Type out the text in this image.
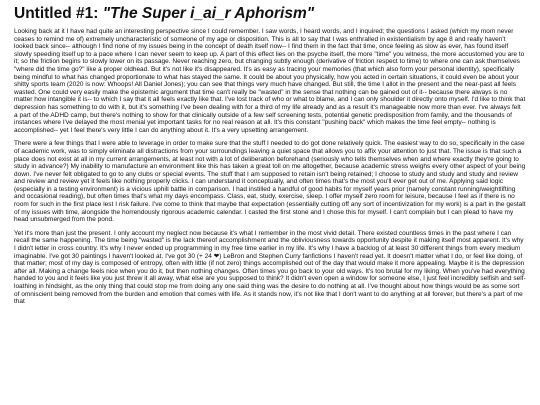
Untitled #1: "The Super i_ai_r Aphorism"

Looking back at it I have had quite an interesting perspective since I could remember. I saw words, I heard words, and I inquired; the questions I asked (which my mom never ceases to remind me of) extremely uncharacteristic of someone of my age or disposition. This is all to say that I was enthralled in existentialism by age 8 and really haven't looked back since-- although I find none of my issues being in the concept of death itself now-- I find them in the fact that time, once feeling as slow as ever, has found itself slowly speeding itself up to a pace where I can never seem to keep up. A part of this effect lies on the psyche itself, the more "time" you witness, the more accustomed you are to it; so the friction begins to slowly lower on its passage. Never reaching zero, but changing subtly enough (derivative of friction respect to time) to where one can ask themselves "where did the time go?" like a proper oldhead. But it's not like it's disappeared. It's as easy as tracing your memories (that which also form your personal identity), specifically being mindful to what has changed proportionate to what has stayed the same. It could be about you physically, how you acted in certain situations, it could even be about your shitty sports team (2020 is now: Whoops! All Daniel Jones); you can see that things very much have changed. But still, the time I allot in the present and the near-past all feels wasted. One could very easily make the epistemic argument that time can't really be "wasted" in the sense that nothing can be gained out of it-- because there always is no matter how intangible it is-- to which I say that it all feels exactly like that. I've lost track of who or what to blame, and I can only shoulder it directly onto myself. I'd like to think that depression has something to do with it, but it's something I've been dealing with for a third of my life already and as a result it's manageable now more than ever. I've always felt a part of the ADHD camp, but there's nothing to show for that clinically outside of a few self screening tests, potential genetic predisposition from family, and the thousands of instances where I've delayed the most menial yet important tasks for no real reason at all. It's this constant "pushing back" which makes the time feel empty-- nothing is accomplished-- yet I feel there's very little I can do anything about it. It's a very upsetting arrangement.

There were a few things that I were able to leverage in order to make sure that the stuff I needed to do got done relatively quick. The easiest way to do so, specifically in the case of academic work, was to simply eliminate all distractions from your surroundings leaving a quiet space that allows you to affix your attention to just that. The issue is that such a place does not exist at all in my current arrangements, at least not with a lot of deliberation beforehand (seriously who tells themselves when and where exactly they're going to study in advance?) My inability to manufacture an environment like this has taken a great toll on me altogether, because academic stress weighs every other aspect of your being down. I've never felt obligated to go to any clubs or special events. The stuff that I am supposed to retain isn't being retained; I choose to study and study and study and review and review and review yet it feels like nothing properly clicks. I can understand it conceptually, and often times that's the most you'll ever get out of me. Applying said logic (especially in a testing environment) is a vicious uphill battle in comparison. I had instilled a handful of good habits for myself years prior (namely constant running/weightlifting and occasional reading), but often times that's what my days encompass. Class, eat, study, exercise, sleep. I offer myself zero room for leisure, because I feel as if there is no room for such in the first place lest I risk failure. I've come to think that maybe that expectation (essentially cutting off any sort of incentivization for my work) is a part in the gestalt of my issues with time, alongside the horrendously rigorous academic calendar. I casted the first stone and I chose this for myself. I can't complain but I can plead to have my head unsubmerged from the pond.

Yet it's more than just the present. I only account my neglect now because it's what I remember in the most vivid detail. There existed countless times in the past where I can recall the same happening. The time being "wasted" is the lack thereof accomplishment and the obliviousness towards opportunity despite it making itself most apparent. It's why I didn't letter in cross country. It's why I never ended up programming in my free time earlier in my life. It's why I have a backlog of at least 30 different things from every medium imaginable. I've got 30 paintings I haven't looked at. I've got 30 (+ 24 ❤) LeBron and Stephen Curry fanfictions I haven't read yet. It doesn't matter what I do, or feel like doing, of that matter; most of my day is composed of entropy, often with little (if not zero) things accomplished out of the day that would make it more appealing. Maybe it is the depression after all. Making a change feels nice when you do it, but then nothing changes. Often times you go back to your old ways. It's too brutal for my liking. When you've had everything handed to you and it feels like you just threw it all away, what else are you supposed to think? It didn't even open a window for someone else, I just feel incredibly selfish and self-loathing in hindsight, as the only thing that could stop me from doing any one said thing was the desire to do nothing at all. I've thought about how things would be as some sort of omniscient being removed from the burden and emotion that comes with life. As it stands now, it's not like that I don't want to do anything at all forever, but there's a part of me that
